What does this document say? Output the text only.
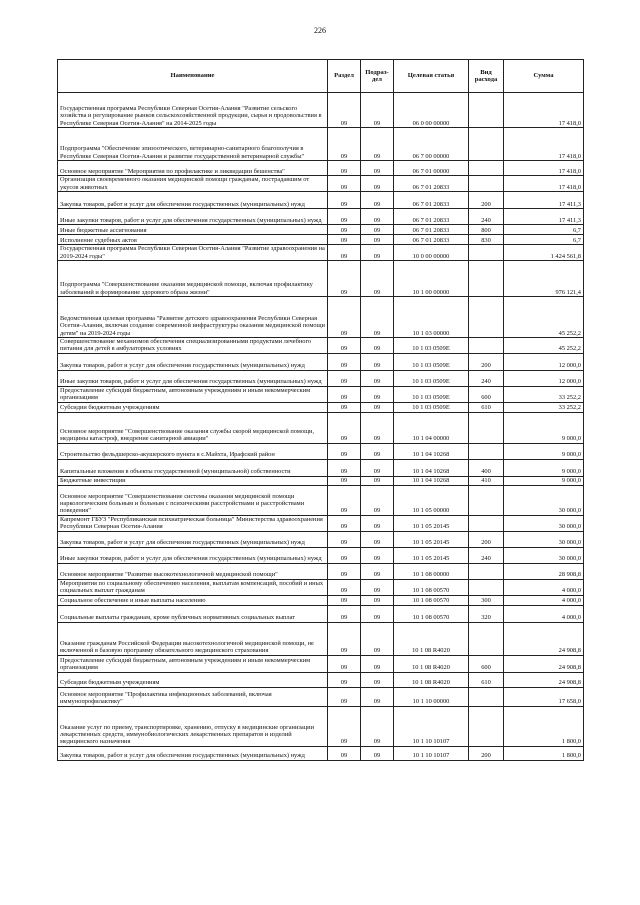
226
Наименование	Раздел	Подраз-дел	Целевая статья	Вид расхода	Сумма
Государственная программа Республики Северная Осетия-Алания "Развитие сельского хозяйства и регулирование рынков сельскохозяйственной продукции, сырья и продовольствия в Республике Северная Осетия-Алания" на 2014-2025 годы	09	09	06 0 00 00000		17 418,0
Подпрограмма "Обеспечение эпизоотического, ветеринарно-санитарного благополучия в Республике Северная Осетия-Алания и развитие государственной ветеринарной службы"	09	09	06 7 00 00000		17 418,0
Основное мероприятие "Мероприятия по профилактике и ликвидации бешенства"	09	09	06 7 01 00000		17 418,0
Организация своевременного оказания медицинской помощи гражданам, пострадавшим от укусов животных	09	09	06 7 01 20833		17 418,0
Закупка товаров, работ и услуг для обеспечения государственных (муниципальных) нужд	09	09	06 7 01 20833	200	17 411,3
Иные закупки товаров, работ и услуг для обеспечения государственных (муниципальных) нужд	09	09	06 7 01 20833	240	17 411,3
Иные бюджетные ассигнования	09	09	06 7 01 20833	800	6,7
Исполнение судебных актов	09	09	06 7 01 20833	830	6,7
Государственная программа Республики Северная Осетия-Алания "Развитие здравоохранения на 2019-2024 годы"	09	09	10 0 00 00000		1 424 561,8
Подпрограмма "Совершенствование оказания медицинской помощи, включая профилактику заболеваний и формирование здорового образа жизни"	09	09	10 1 00 00000		976 121,4
Ведомственная целевая программа "Развитие детского здравоохранения Республики Северная Осетия-Алания, включая создание современной инфраструктуры оказания медицинской помощи детям" на 2019-2024 годы	09	09	10 1 03 00000		45 252,2
Совершенствование механизмов обеспечения специализированными продуктами лечебного питания для детей в амбулаторных условиях	09	09	10 1 03 0509E		45 252,2
Закупка товаров, работ и услуг для обеспечения государственных (муниципальных) нужд	09	09	10 1 03 0509E	200	12 000,0
Иные закупки товаров, работ и услуг для обеспечения государственных (муниципальных) нужд	09	09	10 1 03 0509E	240	12 000,0
Предоставление субсидий бюджетным, автономным учреждениям и иным некоммерческим организациям	09	09	10 1 03 0509E	600	33 252,2
Субсидии бюджетным учреждениям	09	09	10 1 03 0509E	610	33 252,2
Основное мероприятие "Совершенствование оказания службы скорой медицинской помощи, медицины катастроф, внедрение санитарной авиации"	09	09	10 1 04 00000		9 000,0
Строительство фельдшерско-акушерского пункта в с.Майхта, Ирафский район	09	09	10 1 04 10268		9 000,0
Капитальные вложения в объекты государственной (муниципальной) собственности	09	09	10 1 04 10268	400	9 000,0
Бюджетные инвестиции	09	09	10 1 04 10268	410	9 000,0
Основное мероприятие "Совершенствование системы оказания медицинской помощи наркологическим больным и больным с психическими расстройствами и расстройствами поведения"	09	09	10 1 05 00000		30 000,0
Капремонт ГБУЗ "Республиканская психиатрическая больница" Министерства здравоохранения Республики Северная Осетия-Алания	09	09	10 1 05 20145		30 000,0
Закупка товаров, работ и услуг для обеспечения государственных (муниципальных) нужд	09	09	10 1 05 20145	200	30 000,0
Иные закупки товаров, работ и услуг для обеспечения государственных (муниципальных) нужд	09	09	10 1 05 20145	240	30 000,0
Основное мероприятие "Развитие высокотехнологичной медицинской помощи"	09	09	10 1 08 00000		28 908,8
Мероприятия по социальному обеспечению населения, выплатам компенсаций, пособий и иных социальных выплат гражданам	09	09	10 1 08 00570		4 000,0
Социальное обеспечение и иные выплаты населению	09	09	10 1 08 00570	300	4 000,0
Социальные выплаты гражданам, кроме публичных нормативных социальных выплат	09	09	10 1 08 00570	320	4 000,0
Оказание гражданам Российской Федерации высокотехнологичной медицинской помощи, не включенной в базовую программу обязательного медицинского страхования	09	09	10 1 08 R4020		24 908,8
Предоставление субсидий бюджетным, автономным учреждениям и иным некоммерческим организациям	09	09	10 1 08 R4020	600	24 908,8
Субсидии бюджетным учреждениям	09	09	10 1 08 R4020	610	24 908,8
Основное мероприятие "Профилактика инфекционных заболеваний, включая иммунопрофилактику"	09	09	10 1 10 00000		17 658,0
Оказание услуг по приему, транспортировке, хранению, отпуску в медицинские организации лекарственных средств, иммунобиологических лекарственных препаратов и изделий медицинского назначения	09	09	10 1 10 10107		1 800,0
Закупка товаров, работ и услуг для обеспечения государственных (муниципальных) нужд	09	09	10 1 10 10107	200	1 800,0
